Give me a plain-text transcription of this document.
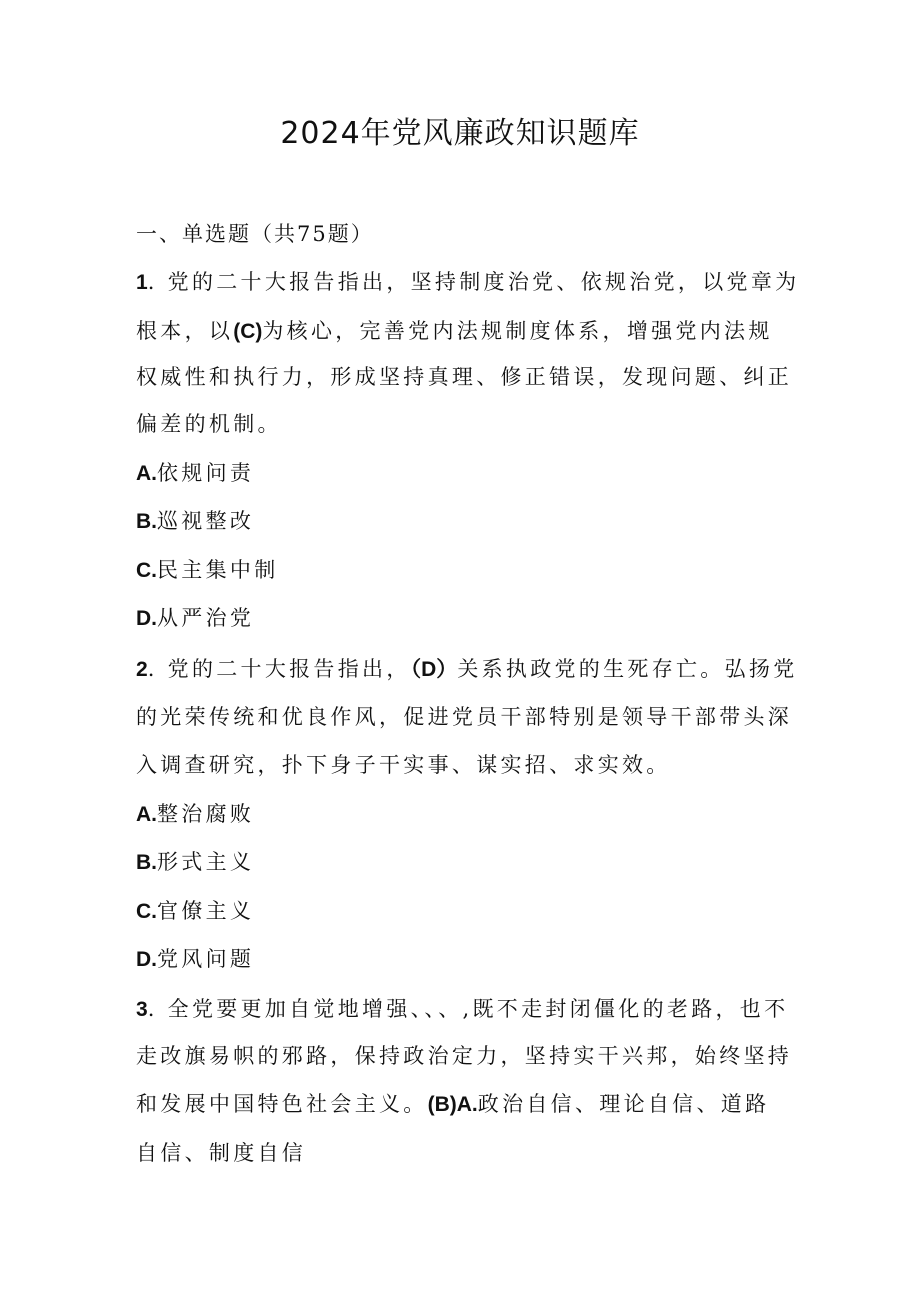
2024年党风廉政知识题库
一、单选题（共75题）
1. 党的二十大报告指出，坚持制度治党、依规治党，以党章为
根本，以(C)为核心，完善党内法规制度体系，增强党内法规
权威性和执行力，形成坚持真理、修正错误，发现问题、纠正
偏差的机制。
A.依规问责
B.巡视整改
C.民主集中制
D.从严治党
2. 党的二十大报告指出，（D）关系执政党的生死存亡。弘扬党
的光荣传统和优良作风，促进党员干部特别是领导干部带头深
入调查研究，扑下身子干实事、谋实招、求实效。
A.整治腐败
B.形式主义
C.官僚主义
D.党风问题
3. 全党要更加自觉地增强、、、,既不走封闭僵化的老路，也不
走改旗易帜的邪路，保持政治定力，坚持实干兴邦，始终坚持
和发展中国特色社会主义。(B)A.政治自信、理论自信、道路
自信、制度自信
